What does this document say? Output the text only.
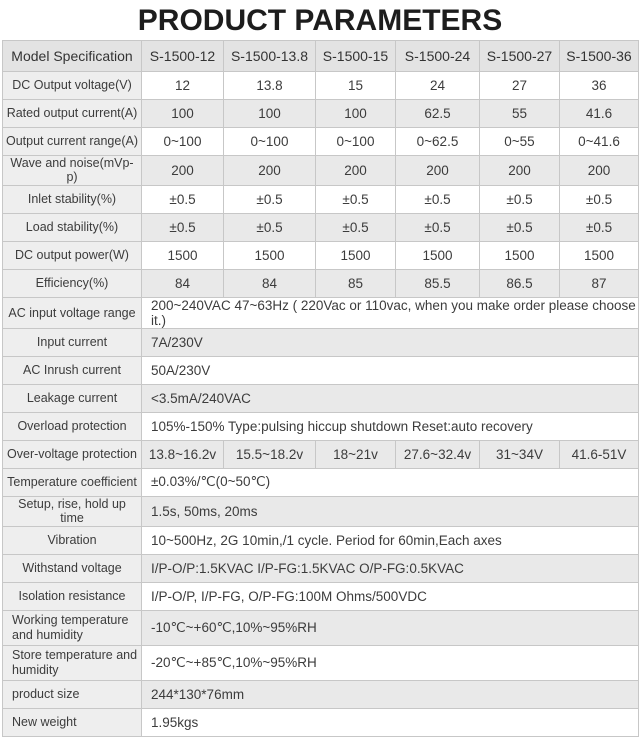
PRODUCT PARAMETERS
Model Specification	S-1500-12	S-1500-13.8	S-1500-15	S-1500-24	S-1500-27	S-1500-36
DC Output voltage(V)	12	13.8	15	24	27	36
Rated output current(A)	100	100	100	62.5	55	41.6
Output current range(A)	0~100	0~100	0~100	0~62.5	0~55	0~41.6
Wave and noise(mVp-p)	200	200	200	200	200	200
Inlet stability(%)	±0.5	±0.5	±0.5	±0.5	±0.5	±0.5
Load stability(%)	±0.5	±0.5	±0.5	±0.5	±0.5	±0.5
DC output power(W)	1500	1500	1500	1500	1500	1500
Efficiency(%)	84	84	85	85.5	86.5	87
AC input voltage range	200~240VAC 47~63Hz ( 220Vac or 110vac, when you make order please choose it.)					
Input current	7A/230V					
AC Inrush current	50A/230V					
Leakage current	<3.5mA/240VAC					
Overload protection	105%-150% Type:pulsing hiccup shutdown Reset:auto recovery					
Over-voltage protection	13.8~16.2v	15.5~18.2v	18~21v	27.6~32.4v	31~34V	41.6-51V
Temperature coefficient	±0.03%/℃(0~50℃)					
Setup, rise, hold up time	1.5s, 50ms, 20ms					
Vibration	10~500Hz, 2G 10min,/1 cycle. Period for 60min,Each axes					
Withstand voltage	I/P-O/P:1.5KVAC I/P-FG:1.5KVAC O/P-FG:0.5KVAC					
Isolation resistance	I/P-O/P, I/P-FG, O/P-FG:100M Ohms/500VDC					
Working temperature and humidity	-10℃~+60℃,10%~95%RH					
Store temperature and humidity	-20℃~+85℃,10%~95%RH					
product size	244*130*76mm					
New weight	1.95kgs					
